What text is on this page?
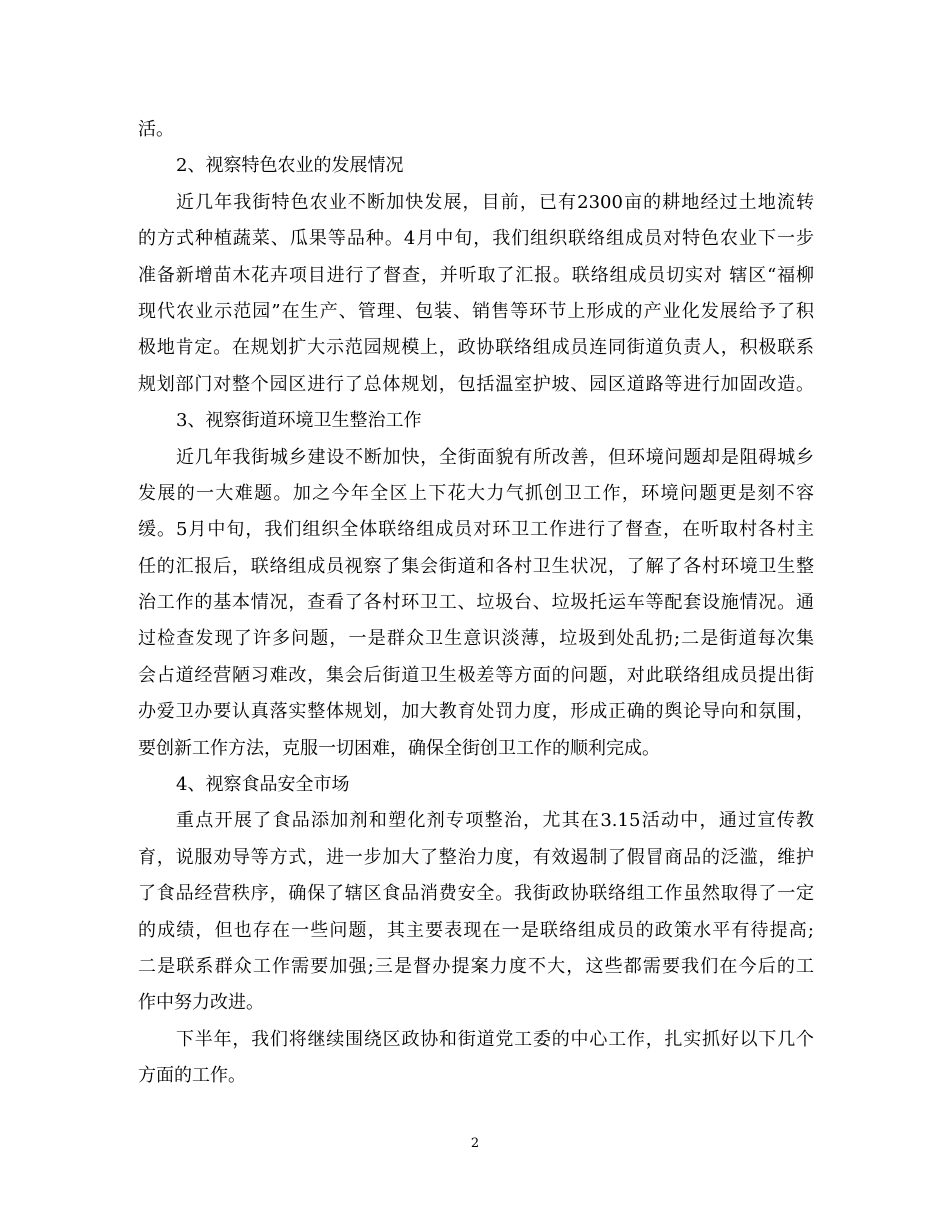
活。
2、视察特色农业的发展情况
近几年我街特色农业不断加快发展，目前，已有2300亩的耕地经过土地流转
的方式种植蔬菜、瓜果等品种。4月中旬，我们组织联络组成员对特色农业下一步
准备新增苗木花卉项目进行了督查，并听取了汇报。联络组成员切实对 辖区“福柳
现代农业示范园”在生产、管理、包装、销售等环节上形成的产业化发展给予了积
极地肯定。在规划扩大示范园规模上，政协联络组成员连同街道负责人，积极联系
规划部门对整个园区进行了总体规划，包括温室护坡、园区道路等进行加固改造。
3、视察街道环境卫生整治工作
近几年我街城乡建设不断加快，全街面貌有所改善，但环境问题却是阻碍城乡
发展的一大难题。加之今年全区上下花大力气抓创卫工作，环境问题更是刻不容
缓。5月中旬，我们组织全体联络组成员对环卫工作进行了督查，在听取村各村主
任的汇报后，联络组成员视察了集会街道和各村卫生状况，了解了各村环境卫生整
治工作的基本情况，查看了各村环卫工、垃圾台、垃圾托运车等配套设施情况。通
过检查发现了许多问题，一是群众卫生意识淡薄，垃圾到处乱扔;二是街道每次集
会占道经营陋习难改，集会后街道卫生极差等方面的问题，对此联络组成员提出街
办爱卫办要认真落实整体规划，加大教育处罚力度，形成正确的舆论导向和氛围，
要创新工作方法，克服一切困难，确保全街创卫工作的顺利完成。
4、视察食品安全市场
重点开展了食品添加剂和塑化剂专项整治，尤其在3.15活动中，通过宣传教
育，说服劝导等方式，进一步加大了整治力度，有效遏制了假冒商品的泛滥，维护
了食品经营秩序，确保了辖区食品消费安全。我街政协联络组工作虽然取得了一定
的成绩，但也存在一些问题，其主要表现在一是联络组成员的政策水平有待提高;
二是联系群众工作需要加强;三是督办提案力度不大，这些都需要我们在今后的工
作中努力改进。
下半年，我们将继续围绕区政协和街道党工委的中心工作，扎实抓好以下几个
方面的工作。
2
